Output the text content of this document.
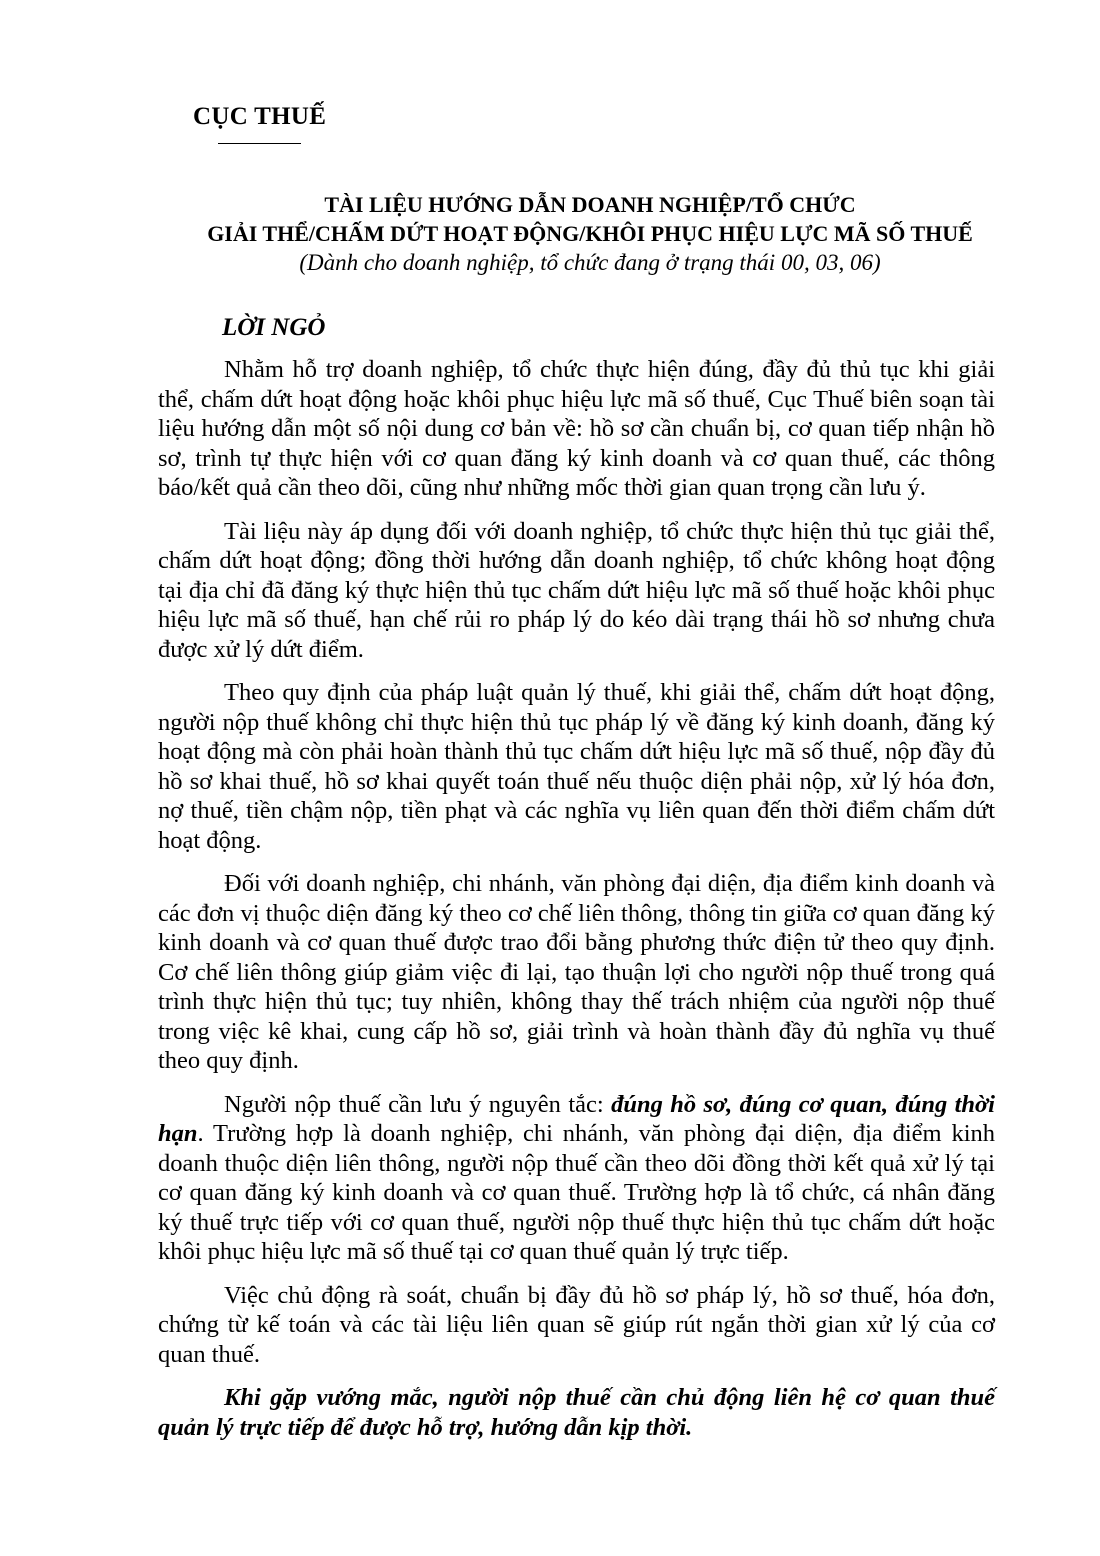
CỤC THUẾ
TÀI LIỆU HƯỚNG DẪN DOANH NGHIỆP/TỔ CHỨC
GIẢI THỂ/CHẤM DỨT HOẠT ĐỘNG/KHÔI PHỤC HIỆU LỰC MÃ SỐ THUẾ
(Dành cho doanh nghiệp, tổ chức đang ở trạng thái 00, 03, 06)
LỜI NGỎ

Nhằm hỗ trợ doanh nghiệp, tổ chức thực hiện đúng, đầy đủ thủ tục khi giải thể, chấm dứt hoạt động hoặc khôi phục hiệu lực mã số thuế, Cục Thuế biên soạn tài liệu hướng dẫn một số nội dung cơ bản về: hồ sơ cần chuẩn bị, cơ quan tiếp nhận hồ sơ, trình tự thực hiện với cơ quan đăng ký kinh doanh và cơ quan thuế, các thông báo/kết quả cần theo dõi, cũng như những mốc thời gian quan trọng cần lưu ý.

Tài liệu này áp dụng đối với doanh nghiệp, tổ chức thực hiện thủ tục giải thể, chấm dứt hoạt động; đồng thời hướng dẫn doanh nghiệp, tổ chức không hoạt động tại địa chỉ đã đăng ký thực hiện thủ tục chấm dứt hiệu lực mã số thuế hoặc khôi phục hiệu lực mã số thuế, hạn chế rủi ro pháp lý do kéo dài trạng thái hồ sơ nhưng chưa được xử lý dứt điểm.

Theo quy định của pháp luật quản lý thuế, khi giải thể, chấm dứt hoạt động, người nộp thuế không chỉ thực hiện thủ tục pháp lý về đăng ký kinh doanh, đăng ký hoạt động mà còn phải hoàn thành thủ tục chấm dứt hiệu lực mã số thuế, nộp đầy đủ hồ sơ khai thuế, hồ sơ khai quyết toán thuế nếu thuộc diện phải nộp, xử lý hóa đơn, nợ thuế, tiền chậm nộp, tiền phạt và các nghĩa vụ liên quan đến thời điểm chấm dứt hoạt động.

Đối với doanh nghiệp, chi nhánh, văn phòng đại diện, địa điểm kinh doanh và các đơn vị thuộc diện đăng ký theo cơ chế liên thông, thông tin giữa cơ quan đăng ký kinh doanh và cơ quan thuế được trao đổi bằng phương thức điện tử theo quy định. Cơ chế liên thông giúp giảm việc đi lại, tạo thuận lợi cho người nộp thuế trong quá trình thực hiện thủ tục; tuy nhiên, không thay thế trách nhiệm của người nộp thuế trong việc kê khai, cung cấp hồ sơ, giải trình và hoàn thành đầy đủ nghĩa vụ thuế theo quy định.

Người nộp thuế cần lưu ý nguyên tắc: đúng hồ sơ, đúng cơ quan, đúng thời hạn. Trường hợp là doanh nghiệp, chi nhánh, văn phòng đại diện, địa điểm kinh doanh thuộc diện liên thông, người nộp thuế cần theo dõi đồng thời kết quả xử lý tại cơ quan đăng ký kinh doanh và cơ quan thuế. Trường hợp là tổ chức, cá nhân đăng ký thuế trực tiếp với cơ quan thuế, người nộp thuế thực hiện thủ tục chấm dứt hoặc khôi phục hiệu lực mã số thuế tại cơ quan thuế quản lý trực tiếp.

Việc chủ động rà soát, chuẩn bị đầy đủ hồ sơ pháp lý, hồ sơ thuế, hóa đơn, chứng từ kế toán và các tài liệu liên quan sẽ giúp rút ngắn thời gian xử lý của cơ quan thuế.

Khi gặp vướng mắc, người nộp thuế cần chủ động liên hệ cơ quan thuế quản lý trực tiếp để được hỗ trợ, hướng dẫn kịp thời.
